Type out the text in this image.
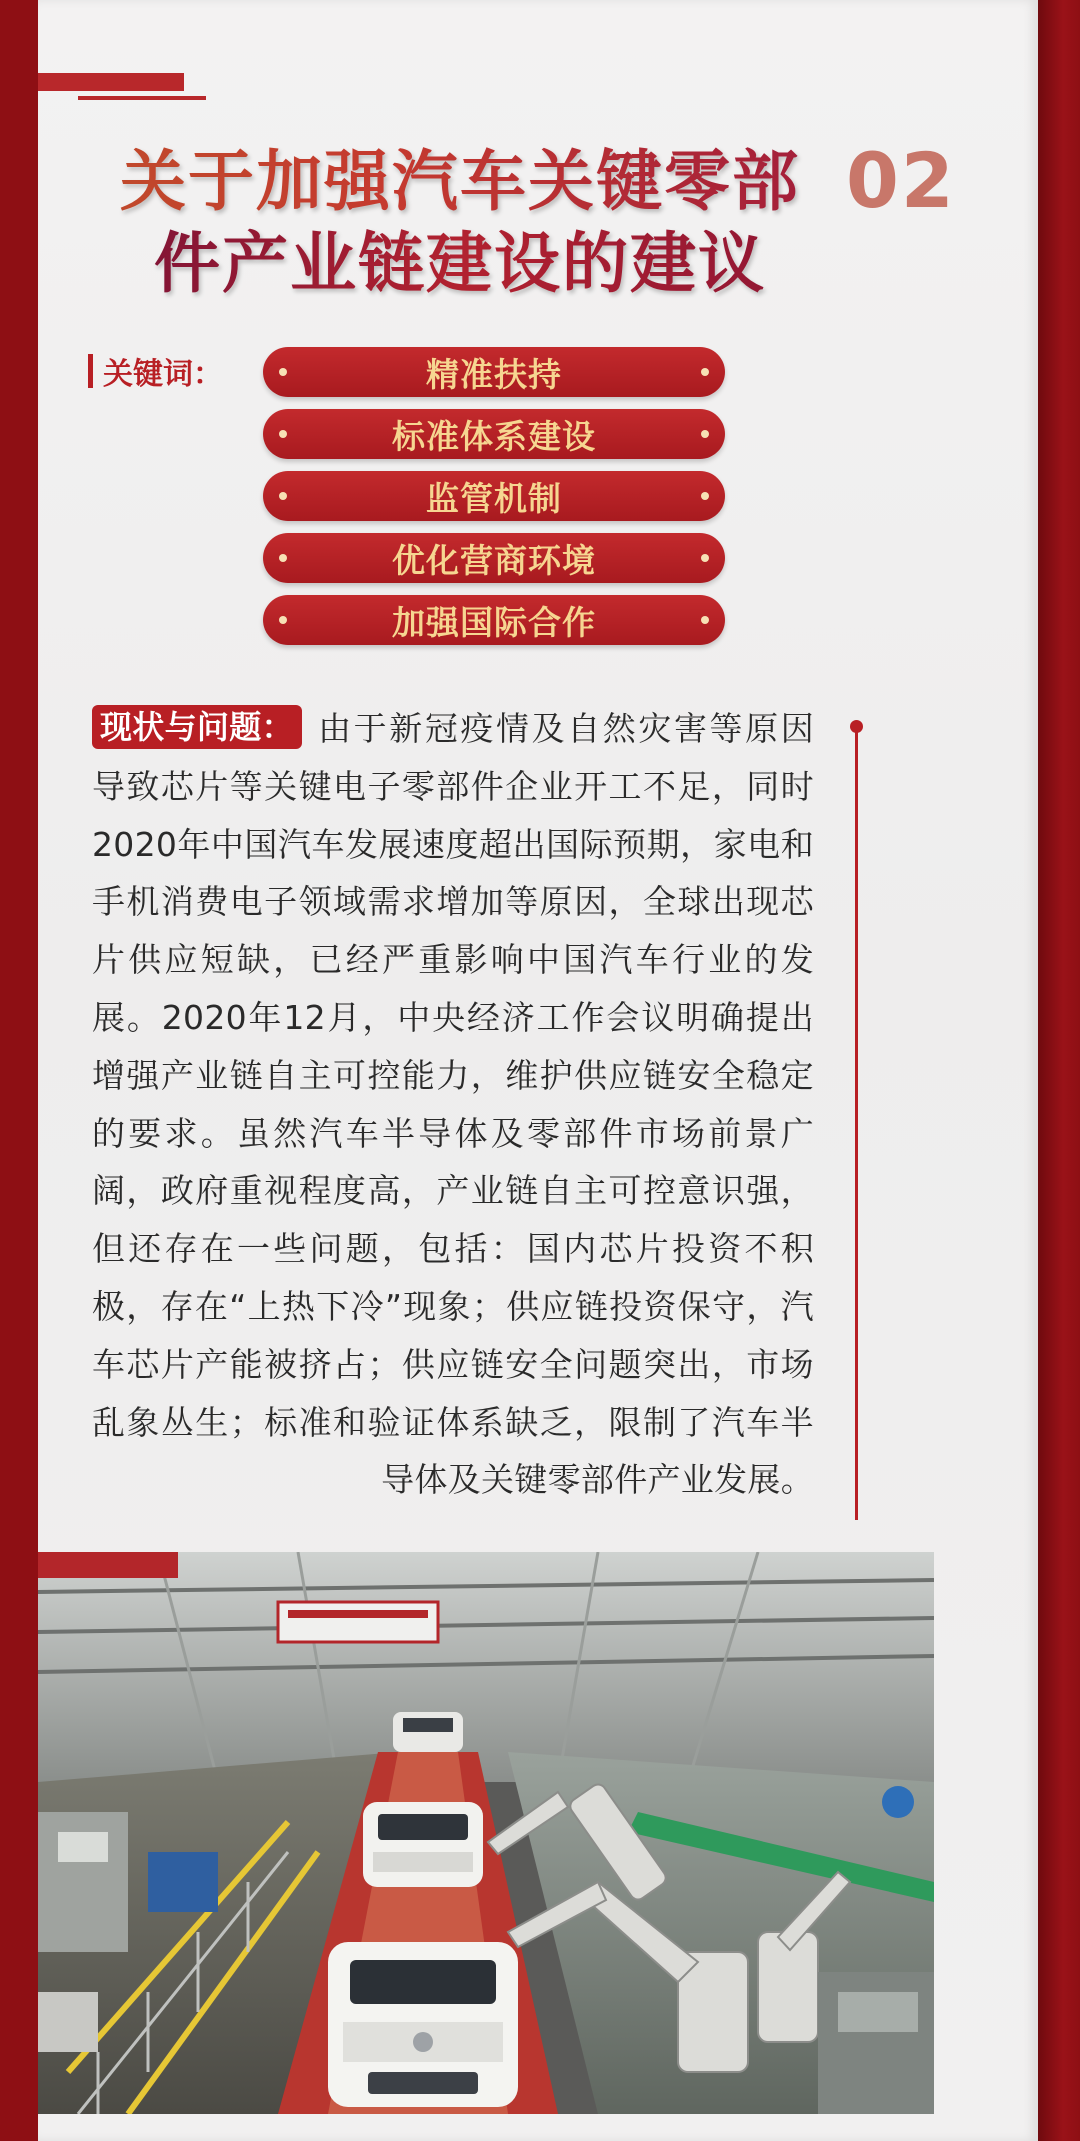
关于加强汽车关键零部
件产业链建设的建议
02
关键词：	精准扶持
标准体系建设
监管机制
优化营商环境
加强国际合作
现状与问题： 由于新冠疫情及自然灾害等原因导致芯片等关键电子零部件企业开工不足，同时2020年中国汽车发展速度超出国际预期，家电和手机消费电子领域需求增加等原因，全球出现芯片供应短缺，已经严重影响中国汽车行业的发展。2020年12月，中央经济工作会议明确提出增强产业链自主可控能力，维护供应链安全稳定的要求。虽然汽车半导体及零部件市场前景广阔，政府重视程度高，产业链自主可控意识强，但还存在一些问题，包括：国内芯片投资不积极，存在“上热下冷”现象；供应链投资保守，汽车芯片产能被挤占；供应链安全问题突出，市场乱象丛生；标准和验证体系缺乏，限制了汽车半导体及关键零部件产业发展。
